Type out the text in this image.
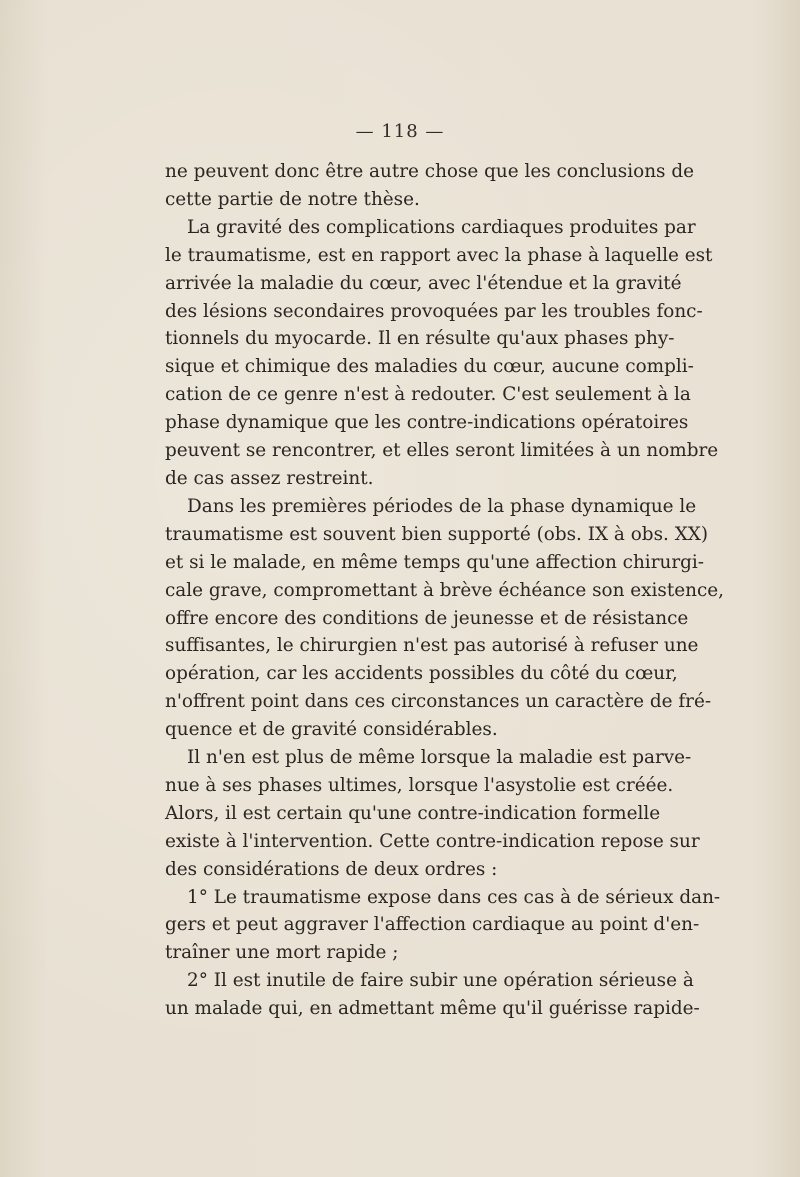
— 118 —

ne peuvent donc être autre chose que les conclusions de
cette partie de notre thèse.

La gravité des complications cardiaques produites par
le traumatisme, est en rapport avec la phase à laquelle est
arrivée la maladie du cœur, avec l'étendue et la gravité
des lésions secondaires provoquées par les troubles fonc-
tionnels du myocarde. Il en résulte qu'aux phases phy-
sique et chimique des maladies du cœur, aucune compli-
cation de ce genre n'est à redouter. C'est seulement à la
phase dynamique que les contre-indications opératoires
peuvent se rencontrer, et elles seront limitées à un nombre
de cas assez restreint.

Dans les premières périodes de la phase dynamique le
traumatisme est souvent bien supporté (obs. IX à obs. XX)
et si le malade, en même temps qu'une affection chirurgi-
cale grave, compromettant à brève échéance son existence,
offre encore des conditions de jeunesse et de résistance
suffisantes, le chirurgien n'est pas autorisé à refuser une
opération, car les accidents possibles du côté du cœur,
n'offrent point dans ces circonstances un caractère de fré-
quence et de gravité considérables.

Il n'en est plus de même lorsque la maladie est parve-
nue à ses phases ultimes, lorsque l'asystolie est créée.
Alors, il est certain qu'une contre-indication formelle
existe à l'intervention. Cette contre-indication repose sur
des considérations de deux ordres :

1° Le traumatisme expose dans ces cas à de sérieux dan-
gers et peut aggraver l'affection cardiaque au point d'en-
traîner une mort rapide ;

2° Il est inutile de faire subir une opération sérieuse à
un malade qui, en admettant même qu'il guérisse rapide-
